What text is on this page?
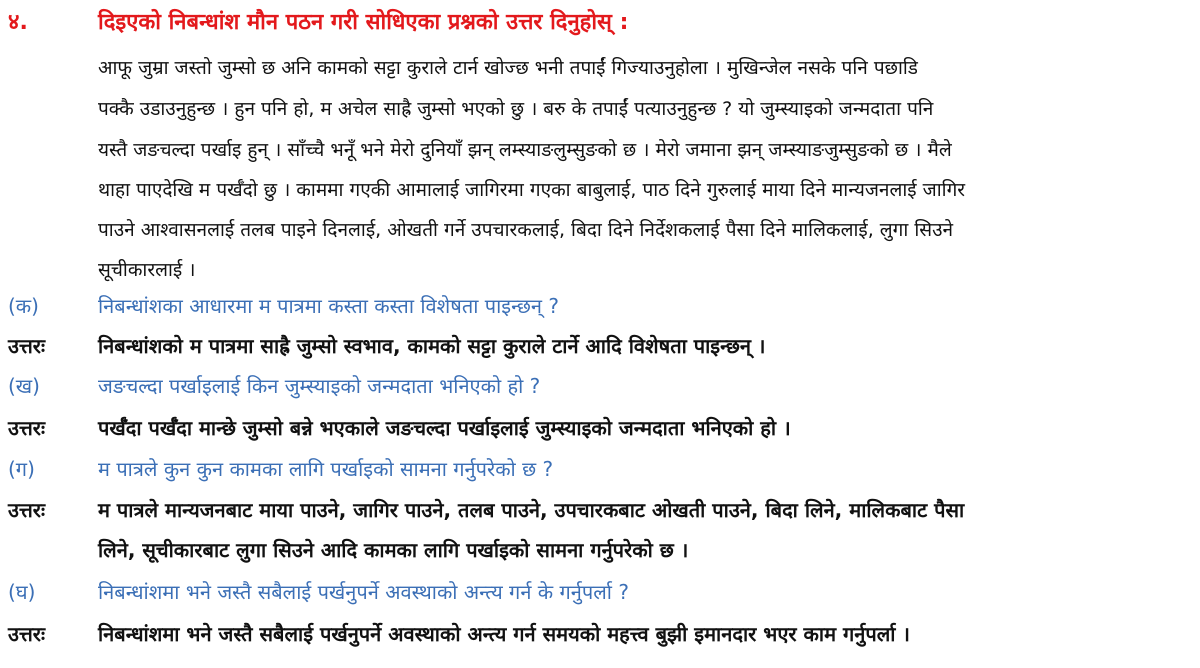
४.	दिइएको निबन्धांश मौन पठन गरी सोधिएका प्रश्नको उत्तर दिनुहोस् :
आफू जुम्रा जस्तो जुम्सो छ अनि कामको सट्टा कुराले टार्न खोज्छ भनी तपाईं गिज्याउनुहोला । मुखिन्जेल नसके पनि पछाडि
पक्कै उडाउनुहुन्छ । हुन पनि हो, म अचेल साह्रै जुम्सो भएको छु । बरु के तपाईं पत्याउनुहुन्छ ? यो जुम्स्याइको जन्मदाता पनि
यस्तै जङचल्दा पर्खाइ हुन् । साँच्चै भनूँ भने मेरो दुनियाँ झन् लम्स्याङलुम्सुङको छ । मेरो जमाना झन् जम्स्याङजुम्सुङको छ । मैले
थाहा पाएदेखि म पर्खँदो छु । काममा गएकी आमालाई जागिरमा गएका बाबुलाई, पाठ दिने गुरुलाई माया दिने मान्यजनलाई जागिर
पाउने आश्वासनलाई तलब पाइने दिनलाई, ओखती गर्ने उपचारकलाई, बिदा दिने निर्देशकलाई पैसा दिने मालिकलाई, लुगा सिउने
सूचीकारलाई ।
(क)	निबन्धांशका आधारमा म पात्रमा कस्ता कस्ता विशेषता पाइन्छन् ?
उत्तरः	निबन्धांशको म पात्रमा साह्रै जुम्सो स्वभाव, कामको सट्टा कुराले टार्ने आदि विशेषता पाइन्छन् ।
(ख)	जङचल्दा पर्खाइलाई किन जुम्स्याइको जन्मदाता भनिएको हो ?
उत्तरः	पर्खँदा पर्खँदा मान्छे जुम्सो बन्ने भएकाले जङचल्दा पर्खाइलाई जुम्स्याइको जन्मदाता भनिएको हो ।
(ग)	म पात्रले कुन कुन कामका लागि पर्खाइको सामना गर्नुपरेको छ ?
उत्तरः	म पात्रले मान्यजनबाट माया पाउने, जागिर पाउने, तलब पाउने, उपचारकबाट ओखती पाउने, बिदा लिने, मालिकबाट पैसा
लिने, सूचीकारबाट लुगा सिउने आदि कामका लागि पर्खाइको सामना गर्नुपरेको छ ।
(घ)	निबन्धांशमा भने जस्तै सबैलाई पर्खनुपर्ने अवस्थाको अन्त्य गर्न के गर्नुपर्ला ?
उत्तरः	निबन्धांशमा भने जस्तै सबैलाई पर्खनुपर्ने अवस्थाको अन्त्य गर्न समयको महत्त्व बुझी इमानदार भएर काम गर्नुपर्ला ।
